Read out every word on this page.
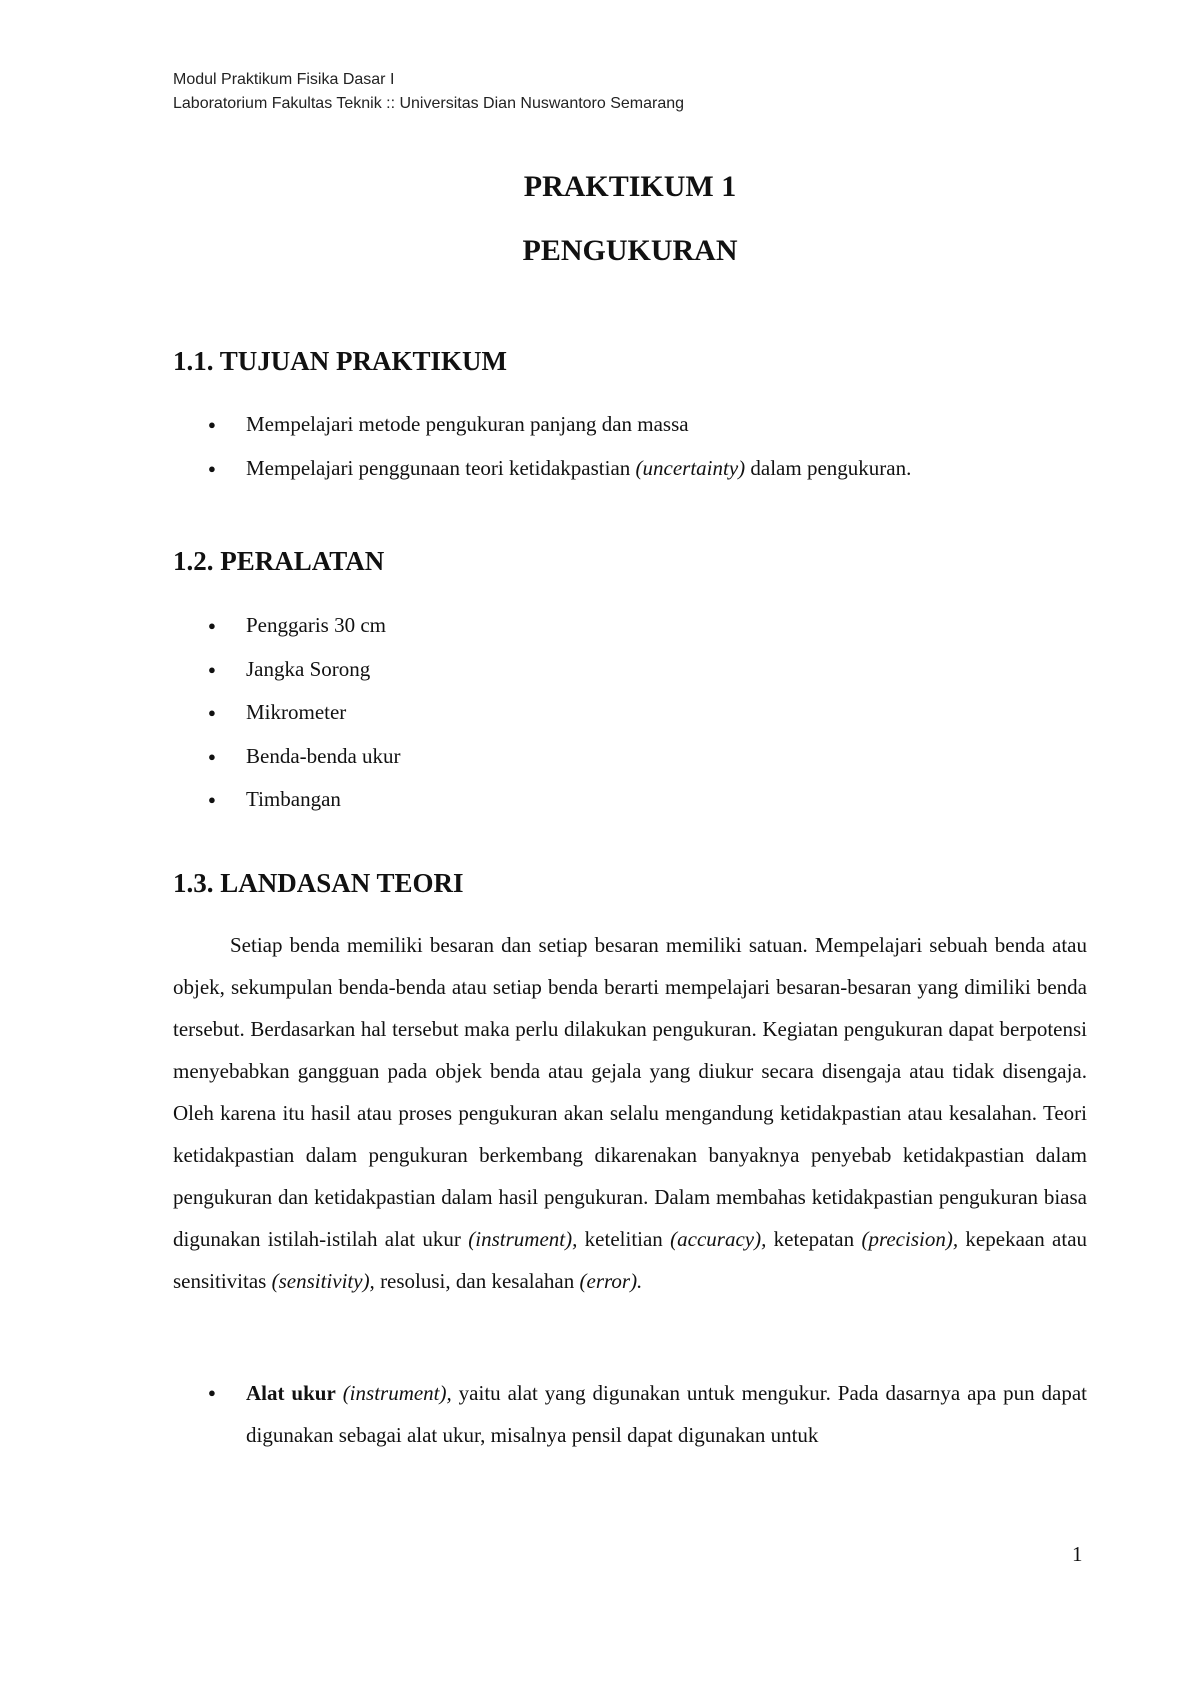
Modul Praktikum Fisika Dasar I
Laboratorium Fakultas Teknik :: Universitas Dian Nuswantoro Semarang
PRAKTIKUM 1
PENGUKURAN
1.1. TUJUAN PRAKTIKUM
● Mempelajari metode pengukuran panjang dan massa
● Mempelajari penggunaan teori ketidakpastian (uncertainty) dalam pengukuran.
1.2. PERALATAN
● Penggaris 30 cm
● Jangka Sorong
● Mikrometer
● Benda-benda ukur
● Timbangan
1.3. LANDASAN TEORI

Setiap benda memiliki besaran dan setiap besaran memiliki satuan. Mempelajari sebuah benda atau objek, sekumpulan benda-benda atau setiap benda berarti mempelajari besaran-besaran yang dimiliki benda tersebut. Berdasarkan hal tersebut maka perlu dilakukan pengukuran. Kegiatan pengukuran dapat berpotensi menyebabkan gangguan pada objek benda atau gejala yang diukur secara disengaja atau tidak disengaja. Oleh karena itu hasil atau proses pengukuran akan selalu mengandung ketidakpastian atau kesalahan. Teori ketidakpastian dalam pengukuran berkembang dikarenakan banyaknya penyebab ketidakpastian dalam pengukuran dan ketidakpastian dalam hasil pengukuran. Dalam membahas ketidakpastian pengukuran biasa digunakan istilah-istilah alat ukur (instrument), ketelitian (accuracy), ketepatan (precision), kepekaan atau sensitivitas (sensitivity), resolusi, dan kesalahan (error).

● Alat ukur (instrument), yaitu alat yang digunakan untuk mengukur. Pada dasarnya apa pun dapat digunakan sebagai alat ukur, misalnya pensil dapat digunakan untuk
1
